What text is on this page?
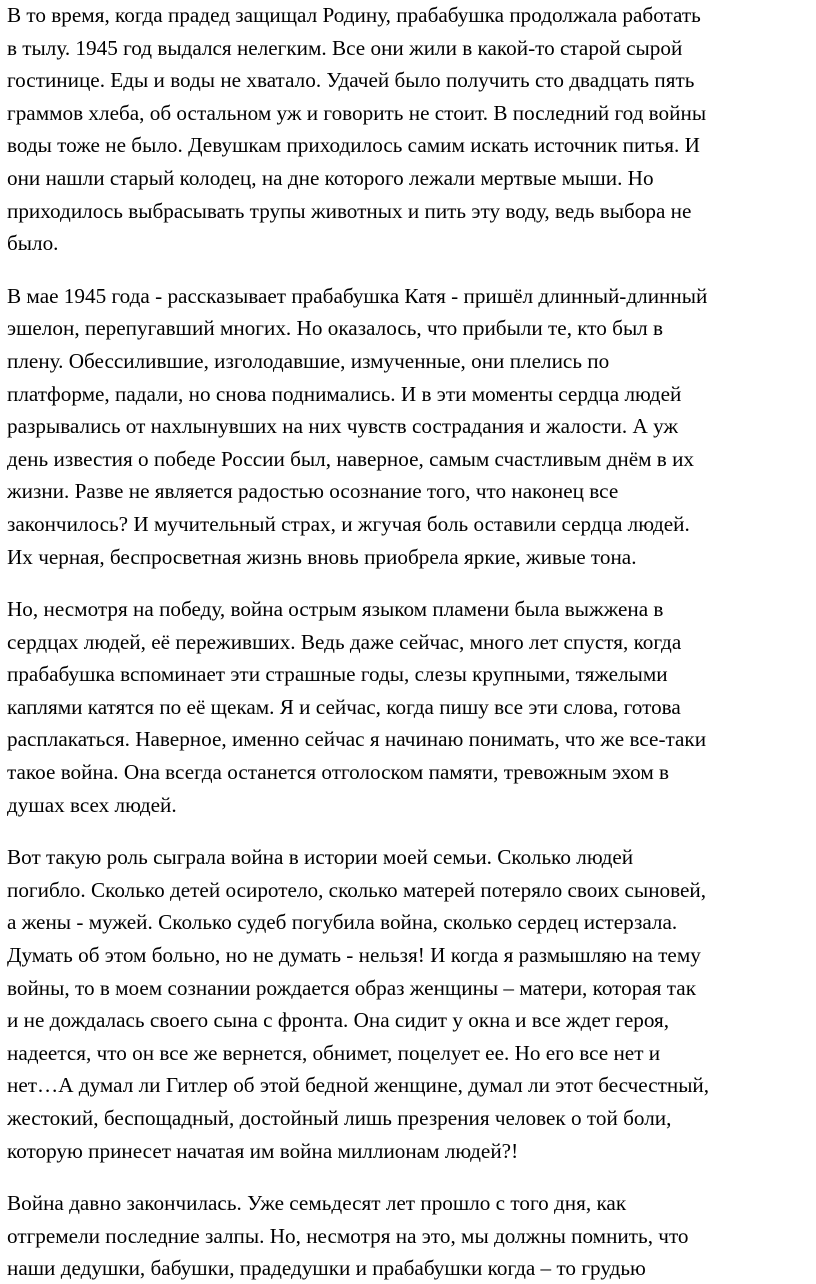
В то время, когда прадед защищал Родину, прабабушка продолжала работать
в тылу. 1945 год выдался нелегким. Все они жили в какой-то старой сырой
гостинице. Еды и воды не хватало. Удачей было получить сто двадцать пять
граммов хлеба, об остальном уж и говорить не стоит. В последний год войны
воды тоже не было. Девушкам приходилось самим искать источник питья. И
они нашли старый колодец, на дне которого лежали мертвые мыши. Но
приходилось выбрасывать трупы животных и пить эту воду, ведь выбора не
было.

В мае 1945 года - рассказывает прабабушка Катя - пришёл длинный-длинный
эшелон, перепугавший многих. Но оказалось, что прибыли те, кто был в
плену. Обессилившие, изголодавшие, измученные, они плелись по
платформе, падали, но снова поднимались. И в эти моменты сердца людей
разрывались от нахлынувших на них чувств сострадания и жалости. А уж
день известия о победе России был, наверное, самым счастливым днём в их
жизни. Разве не является радостью осознание того, что наконец все
закончилось? И мучительный страх, и жгучая боль оставили сердца людей.
Их черная, беспросветная жизнь вновь приобрела яркие, живые тона.

Но, несмотря на победу, война острым языком пламени была выжжена в
сердцах людей, её переживших. Ведь даже сейчас, много лет спустя, когда
прабабушка вспоминает эти страшные годы, слезы крупными, тяжелыми
каплями катятся по её щекам. Я и сейчас, когда пишу все эти слова, готова
расплакаться. Наверное, именно сейчас я начинаю понимать, что же все-таки
такое война. Она всегда останется отголоском памяти, тревожным эхом в
душах всех людей.

Вот такую роль сыграла война в истории моей семьи. Сколько людей
погибло. Сколько детей осиротело, сколько матерей потеряло своих сыновей,
а жены - мужей. Сколько судеб погубила война, сколько сердец истерзала.
Думать об этом больно, но не думать - нельзя! И когда я размышляю на тему
войны, то в моем сознании рождается образ женщины – матери, которая так
и не дождалась своего сына с фронта. Она сидит у окна и все ждет героя,
надеется, что он все же вернется, обнимет, поцелует ее. Но его все нет и
нет…А думал ли Гитлер об этой бедной женщине, думал ли этот бесчестный,
жестокий, беспощадный, достойный лишь презрения человек о той боли,
которую принесет начатая им война миллионам людей?!

Война давно закончилась. Уже семьдесят лет прошло с того дня, как
отгремели последние залпы. Но, несмотря на это, мы должны помнить, что
наши дедушки, бабушки, прадедушки и прабабушки когда – то грудью
